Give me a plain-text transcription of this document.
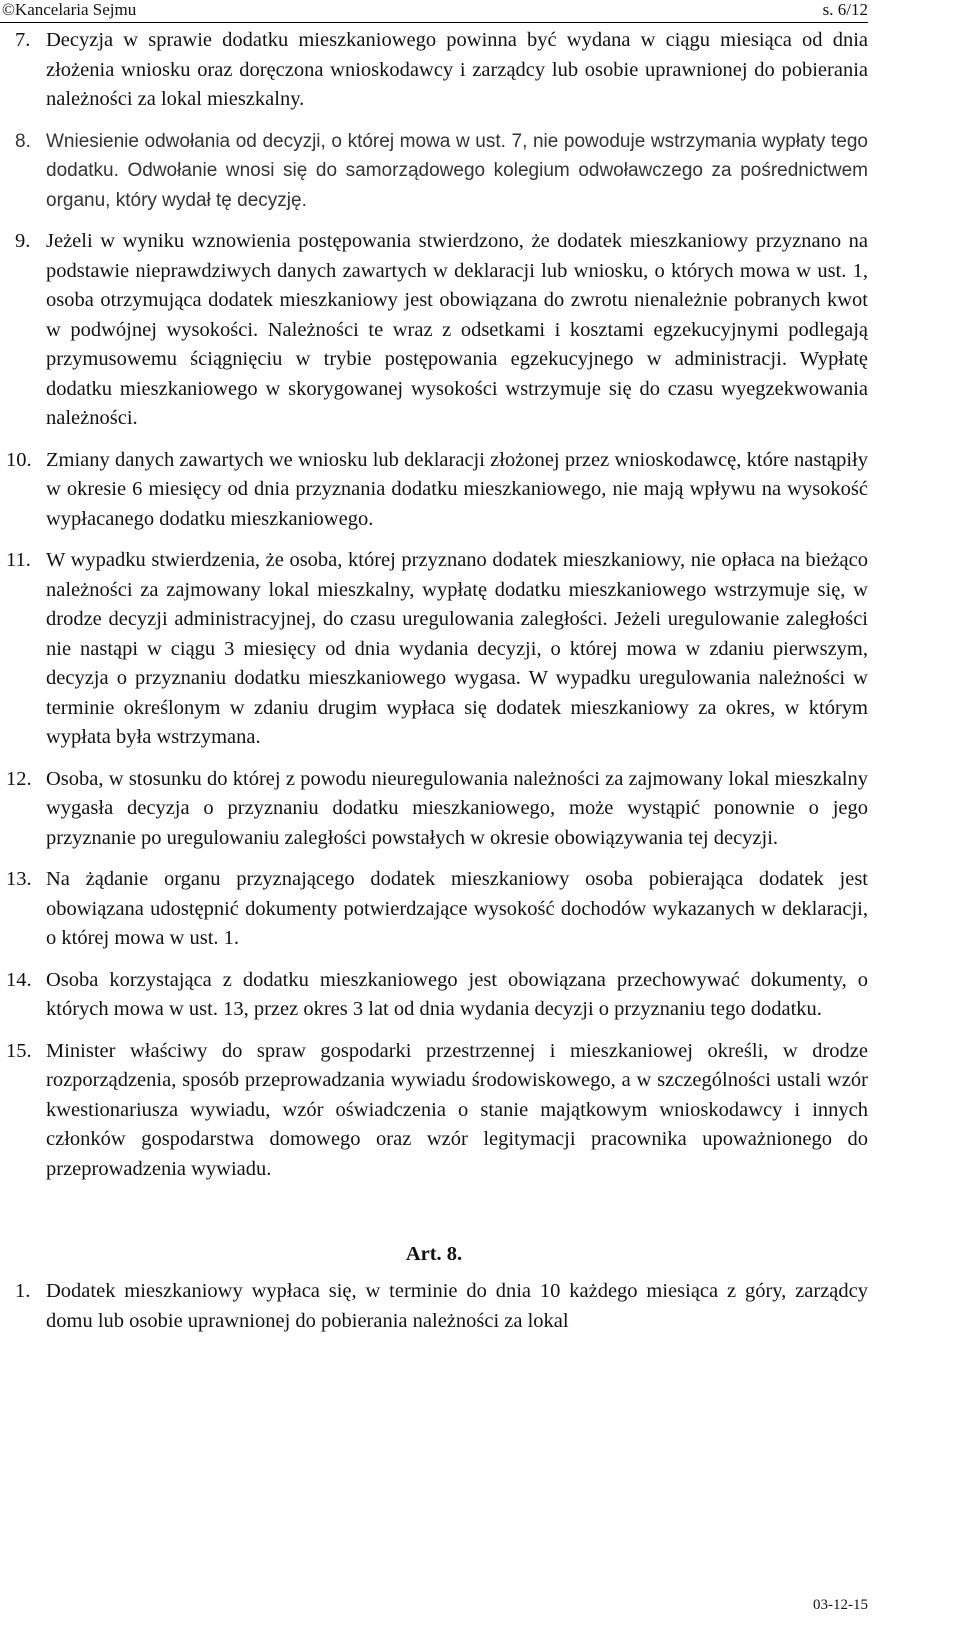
©Kancelaria Sejmu	s. 6/12

7. Decyzja w sprawie dodatku mieszkaniowego powinna być wydana w ciągu miesiąca od dnia złożenia wniosku oraz doręczona wnioskodawcy i zarządcy lub osobie uprawnionej do pobierania należności za lokal mieszkalny.

8. Wniesienie odwołania od decyzji, o której mowa w ust. 7, nie powoduje wstrzymania wypłaty tego dodatku. Odwołanie wnosi się do samorządowego kolegium odwoławczego za pośrednictwem organu, który wydał tę decyzję.

9. Jeżeli w wyniku wznowienia postępowania stwierdzono, że dodatek mieszkaniowy przyznano na podstawie nieprawdziwych danych zawartych w deklaracji lub wniosku, o których mowa w ust. 1, osoba otrzymująca dodatek mieszkaniowy jest obowiązana do zwrotu nienależnie pobranych kwot w podwójnej wysokości. Należności te wraz z odsetkami i kosztami egzekucyjnymi podlegają przymusowemu ściągnięciu w trybie postępowania egzekucyjnego w administracji. Wypłatę dodatku mieszkaniowego w skorygowanej wysokości wstrzymuje się do czasu wyegzekwowania należności.

10. Zmiany danych zawartych we wniosku lub deklaracji złożonej przez wnioskodawcę, które nastąpiły w okresie 6 miesięcy od dnia przyznania dodatku mieszkaniowego, nie mają wpływu na wysokość wypłacanego dodatku mieszkaniowego.

11. W wypadku stwierdzenia, że osoba, której przyznano dodatek mieszkaniowy, nie opłaca na bieżąco należności za zajmowany lokal mieszkalny, wypłatę dodatku mieszkaniowego wstrzymuje się, w drodze decyzji administracyjnej, do czasu uregulowania zaległości. Jeżeli uregulowanie zaległości nie nastąpi w ciągu 3 miesięcy od dnia wydania decyzji, o której mowa w zdaniu pierwszym, decyzja o przyznaniu dodatku mieszkaniowego wygasa. W wypadku uregulowania należności w terminie określonym w zdaniu drugim wypłaca się dodatek mieszkaniowy za okres, w którym wypłata była wstrzymana.

12. Osoba, w stosunku do której z powodu nieuregulowania należności za zajmowany lokal mieszkalny wygasła decyzja o przyznaniu dodatku mieszkaniowego, może wystąpić ponownie o jego przyznanie po uregulowaniu zaległości powstałych w okresie obowiązywania tej decyzji.

13. Na żądanie organu przyznającego dodatek mieszkaniowy osoba pobierająca dodatek jest obowiązana udostępnić dokumenty potwierdzające wysokość dochodów wykazanych w deklaracji, o której mowa w ust. 1.

14. Osoba korzystająca z dodatku mieszkaniowego jest obowiązana przechowywać dokumenty, o których mowa w ust. 13, przez okres 3 lat od dnia wydania decyzji o przyznaniu tego dodatku.

15. Minister właściwy do spraw gospodarki przestrzennej i mieszkaniowej określi, w drodze rozporządzenia, sposób przeprowadzania wywiadu środowiskowego, a w szczególności ustali wzór kwestionariusza wywiadu, wzór oświadczenia o stanie majątkowym wnioskodawcy i innych członków gospodarstwa domowego oraz wzór legitymacji pracownika upoważnionego do przeprowadzenia wywiadu.

Art. 8.

1. Dodatek mieszkaniowy wypłaca się, w terminie do dnia 10 każdego miesiąca z góry, zarządcy domu lub osobie uprawnionej do pobierania należności za lokal

03-12-15
